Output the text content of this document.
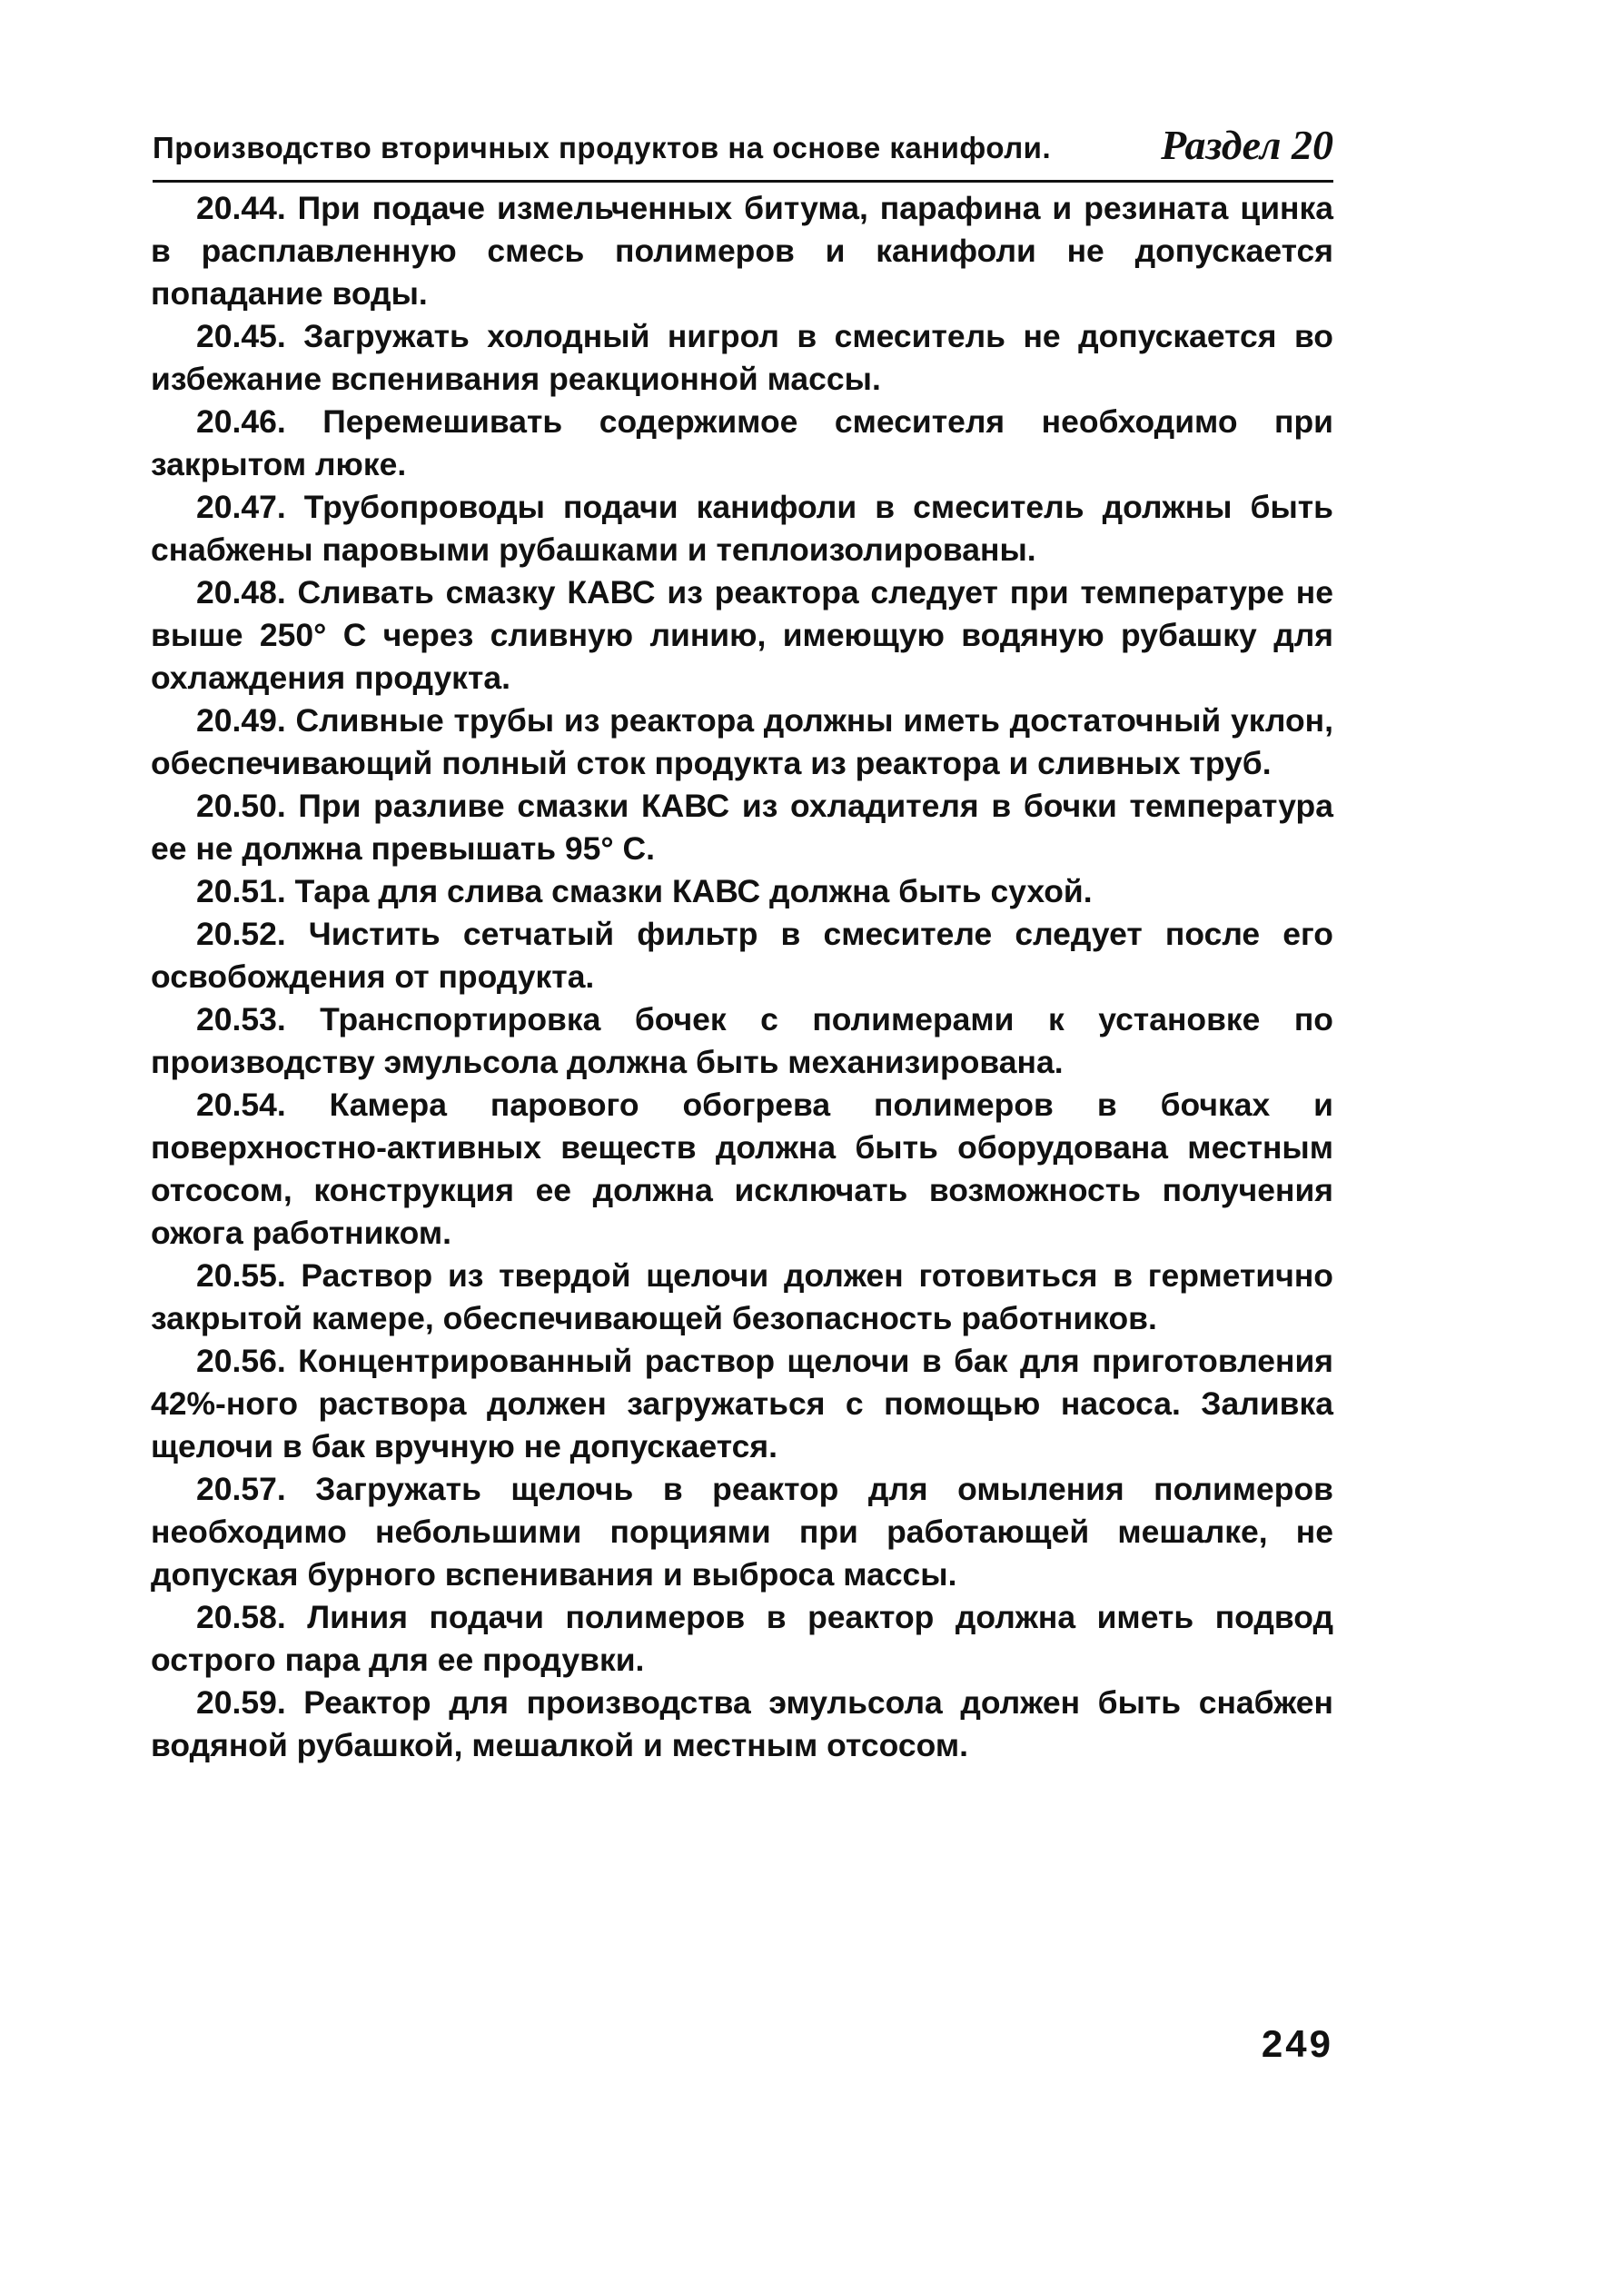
Производство вторичных продуктов на основе канифоли.	Раздел 20

20.44. При подаче измельченных битума, парафина и резината цинка в расплавленную смесь полимеров и канифоли не допускается попадание воды.

20.45. Загружать холодный нигрол в смеситель не допускается во избежание вспенивания реакционной массы.

20.46. Перемешивать содержимое смесителя необходимо при закрытом люке.

20.47. Трубопроводы подачи канифоли в смеситель должны быть снабжены паровыми рубашками и теплоизолированы.

20.48. Сливать смазку КАВС из реактора следует при температуре не выше 250° С через сливную линию, имеющую водяную рубашку для охлаждения продукта.

20.49. Сливные трубы из реактора должны иметь достаточный уклон, обеспечивающий полный сток продукта из реактора и сливных труб.

20.50. При разливе смазки КАВС из охладителя в бочки температура ее не должна превышать 95° С.

20.51. Тара для слива смазки КАВС должна быть сухой.

20.52. Чистить сетчатый фильтр в смесителе следует после его освобождения от продукта.

20.53. Транспортировка бочек с полимерами к установке по производству эмульсола должна быть механизирована.

20.54. Камера парового обогрева полимеров в бочках и поверхностно-активных веществ должна быть оборудована местным отсосом, конструкция ее должна исключать возможность получения ожога работником.

20.55. Раствор из твердой щелочи должен готовиться в герметично закрытой камере, обеспечивающей безопасность работников.

20.56. Концентрированный раствор щелочи в бак для приготовления 42%-ного раствора должен загружаться с помощью насоса. Заливка щелочи в бак вручную не допускается.

20.57. Загружать щелочь в реактор для омыления полимеров необходимо небольшими порциями при работающей мешалке, не допуская бурного вспенивания и выброса массы.

20.58. Линия подачи полимеров в реактор должна иметь подвод острого пара для ее продувки.

20.59. Реактор для производства эмульсола должен быть снабжен водяной рубашкой, мешалкой и местным отсосом.

249
